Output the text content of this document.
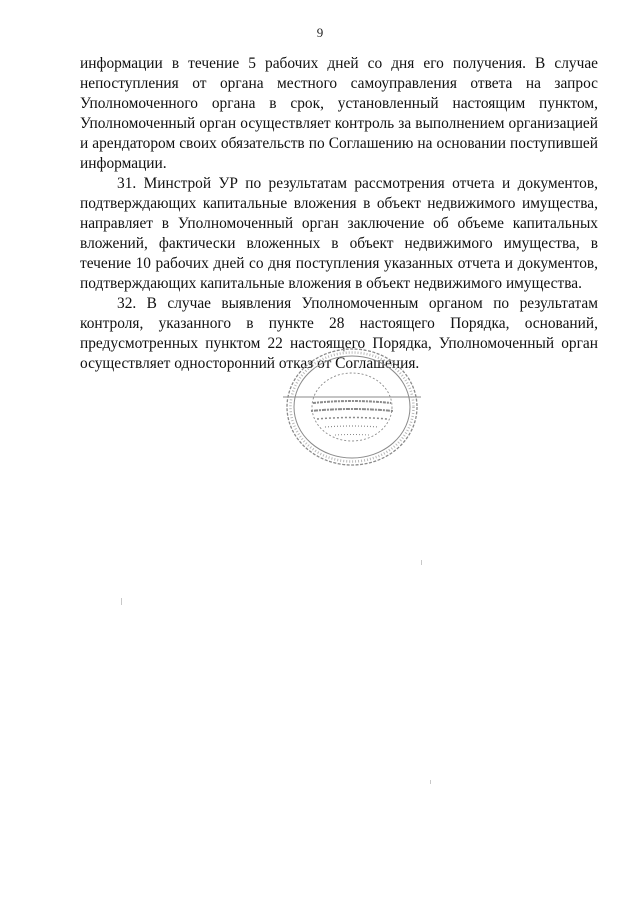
9

информации в течение 5 рабочих дней со дня его получения. В случае непоступления от органа местного самоуправления ответа на запрос Уполномоченного органа в срок, установленный настоящим пунктом, Уполномоченный орган осуществляет контроль за выполнением организацией и арендатором своих обязательств по Соглашению на основании поступившей информации.

31. Минстрой УР по результатам рассмотрения отчета и документов, подтверждающих капитальные вложения в объект недвижимого имущества, направляет в Уполномоченный орган заключение об объеме капитальных вложений, фактически вложенных в объект недвижимого имущества, в течение 10 рабочих дней со дня поступления указанных отчета и документов, подтверждающих капитальные вложения в объект недвижимого имущества.

32. В случае выявления Уполномоченным органом по результатам контроля, указанного в пункте 28 настоящего Порядка, оснований, предусмотренных пунктом 22 настоящего Порядка, Уполномоченный орган осуществляет односторонний отказ от Соглашения.
